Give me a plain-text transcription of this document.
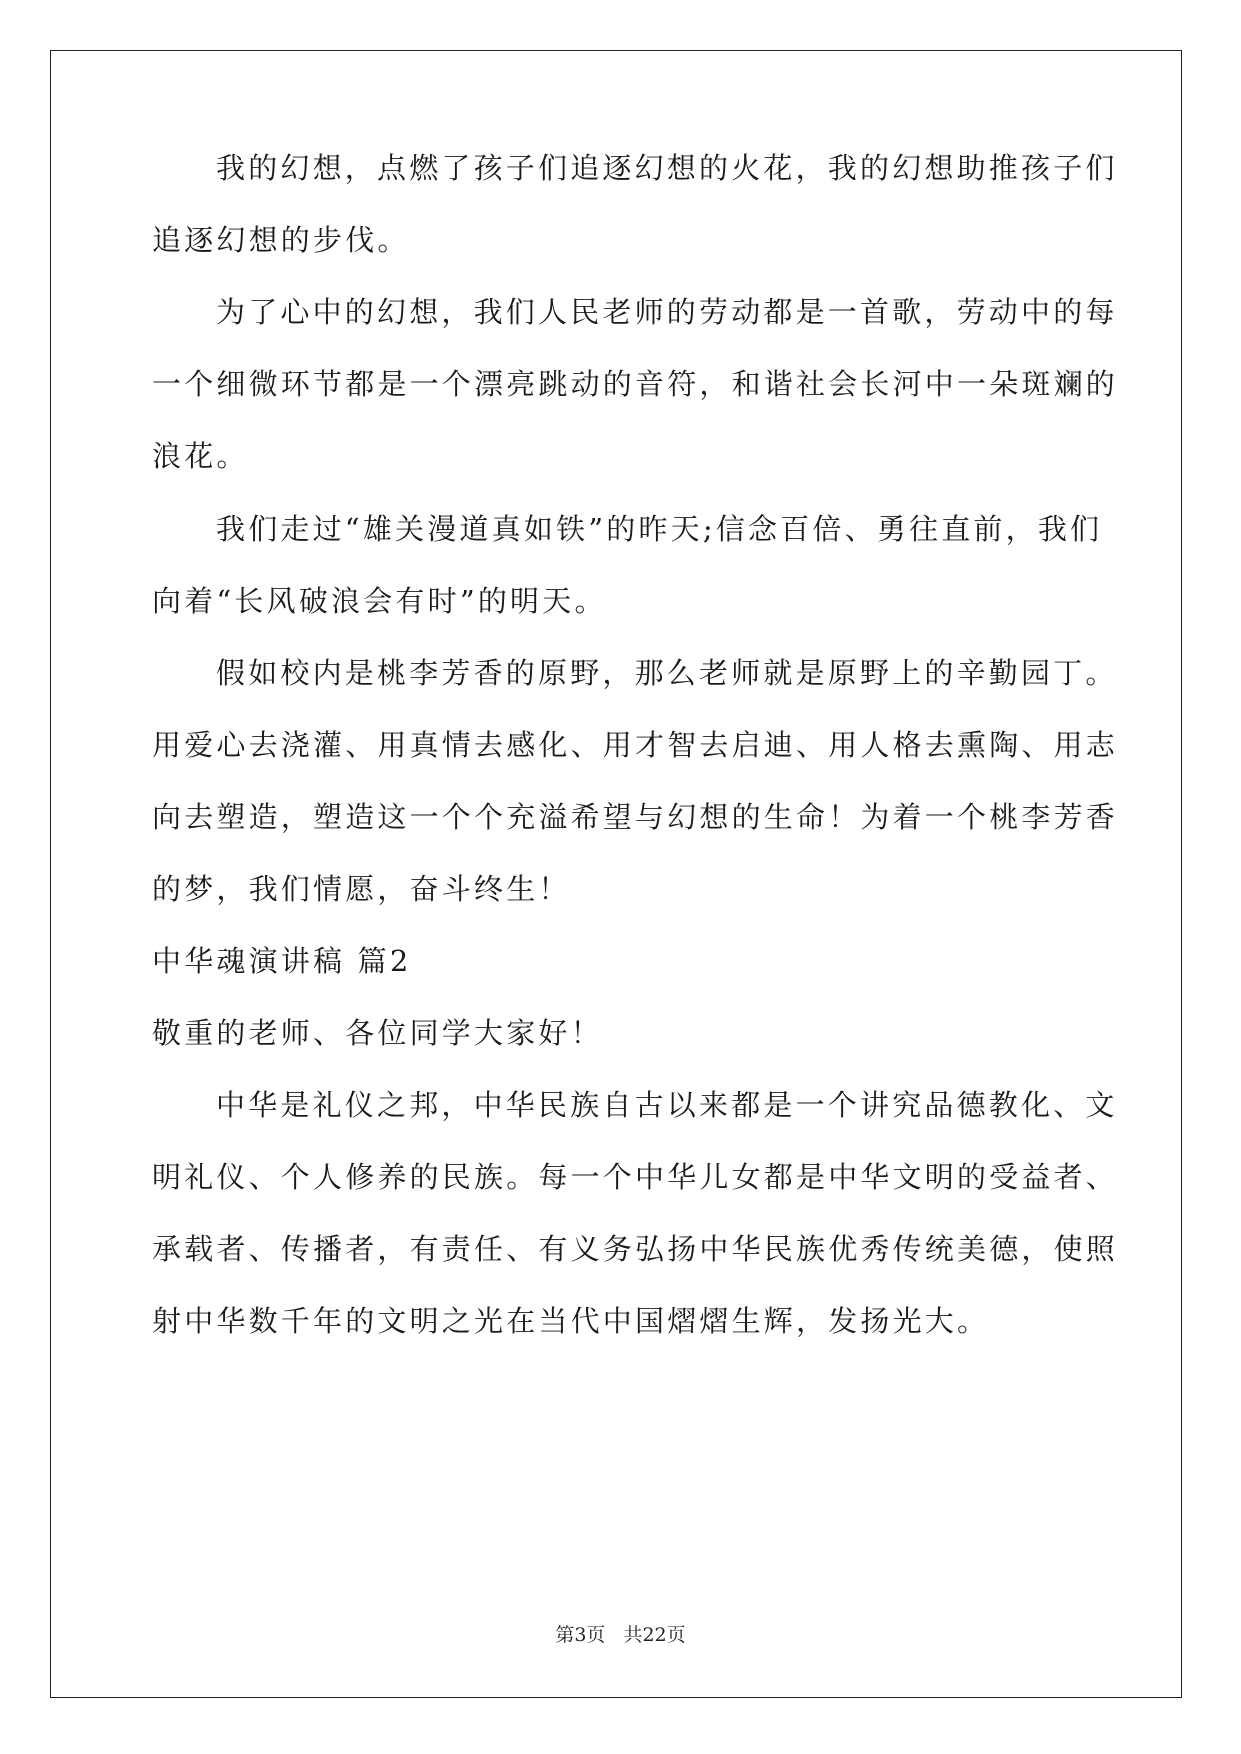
我的幻想，点燃了孩子们追逐幻想的火花，我的幻想助推孩子们
追逐幻想的步伐。
为了心中的幻想，我们人民老师的劳动都是一首歌，劳动中的每
一个细微环节都是一个漂亮跳动的音符，和谐社会长河中一朵斑斓的
浪花。
我们走过“雄关漫道真如铁”的昨天;信念百倍、勇往直前，我们
向着“长风破浪会有时”的明天。
假如校内是桃李芳香的原野，那么老师就是原野上的辛勤园丁。
用爱心去浇灌、用真情去感化、用才智去启迪、用人格去熏陶、用志
向去塑造，塑造这一个个充溢希望与幻想的生命！为着一个桃李芳香
的梦，我们情愿，奋斗终生！
中华魂演讲稿 篇2
敬重的老师、各位同学大家好！
中华是礼仪之邦，中华民族自古以来都是一个讲究品德教化、文
明礼仪、个人修养的民族。每一个中华儿女都是中华文明的受益者、
承载者、传播者，有责任、有义务弘扬中华民族优秀传统美德，使照
射中华数千年的文明之光在当代中国熠熠生辉，发扬光大。
第3页 共22页
